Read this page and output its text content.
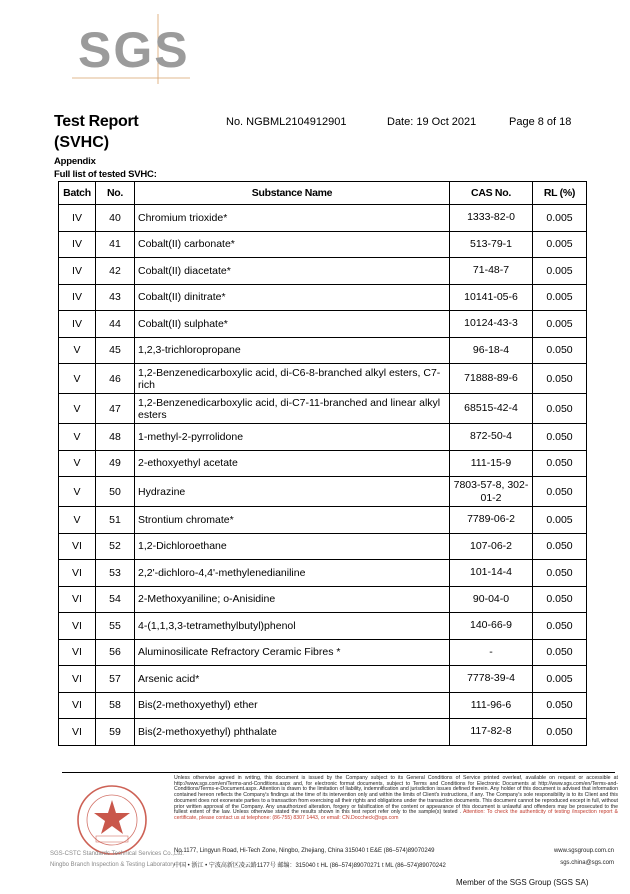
SGS
Test Report
(SVHC)
No. NGBML2104912901	Date: 19 Oct 2021	Page 8 of 18
Appendix
Full list of tested SVHC:
Batch	No.	Substance Name	CAS No.	RL (%)
IV	40	Chromium trioxide*	1333-82-0	0.005
IV	41	Cobalt(II) carbonate*	513-79-1	0.005
IV	42	Cobalt(II) diacetate*	71-48-7	0.005
IV	43	Cobalt(II) dinitrate*	10141-05-6	0.005
IV	44	Cobalt(II) sulphate*	10124-43-3	0.005
V	45	1,2,3-trichloropropane	96-18-4	0.050
V	46	1,2-Benzenedicarboxylic acid, di-C6-8-branched alkyl esters, C7-rich	71888-89-6	0.050
V	47	1,2-Benzenedicarboxylic acid, di-C7-11-branched and linear alkyl esters	68515-42-4	0.050
V	48	1-methyl-2-pyrrolidone	872-50-4	0.050
V	49	2-ethoxyethyl acetate	111-15-9	0.050
V	50	Hydrazine	7803-57-8, 302-01-2	0.050
V	51	Strontium chromate*	7789-06-2	0.005
VI	52	1,2-Dichloroethane	107-06-2	0.050
VI	53	2,2'-dichloro-4,4'-methylenedianiline	101-14-4	0.050
VI	54	2-Methoxyaniline; o-Anisidine	90-04-0	0.050
VI	55	4-(1,1,3,3-tetramethylbutyl)phenol	140-66-9	0.050
VI	56	Aluminosilicate Refractory Ceramic Fibres *	-	0.050
VI	57	Arsenic acid*	7778-39-4	0.005
VI	58	Bis(2-methoxyethyl) ether	111-96-6	0.050
VI	59	Bis(2-methoxyethyl) phthalate	117-82-8	0.050
Unless otherwise agreed in writing, this document is issued by the Company subject to its General Conditions of Service printed overleaf, available on request or accessible at http://www.sgs.com/en/Terms-and-Conditions.aspx and, for electronic format documents, subject to Terms and Conditions for Electronic Documents at http://www.sgs.com/en/Terms-and-Conditions/Terms-e-Document.aspx. Attention is drawn to the limitation of liability, indemnification and jurisdiction issues defined therein. Any holder of this document is advised that information contained hereon reflects the Company's findings at the time of its intervention only and within the limits of Client's instructions, if any. The Company's sole responsibility is to its Client and this document does not exonerate parties to a transaction from exercising all their rights and obligations under the transaction documents. This document cannot be reproduced except in full, without prior written approval of the Company. Any unauthorized alteration, forgery or falsification of the content or appearance of this document is unlawful and offenders may be prosecuted to the fullest extent of the law. Unless otherwise stated the results shown in this test report refer only to the sample(s) tested . Attention: To check the authenticity of testing /inspection report & certificate, please contact us at telephone: (86-755) 8307 1443, or email: CN.Doccheck@sgs.com
SGS-CSTC Standards Technical Services Co.,Ltd.
Ningbo Branch Inspection & Testing Laboratory
No.1177, Lingyun Road, Hi-Tech Zone, Ningbo, Zhejiang, China 315040 t E&E (86–574)89070249	www.sgsgroup.com.cn
中国 • 浙江 • 宁波高新区凌云路1177号 邮编：315040 t HL (86–574)89070271 t ML (86–574)89070242	sgs.china@sgs.com
Member of the SGS Group (SGS SA)
